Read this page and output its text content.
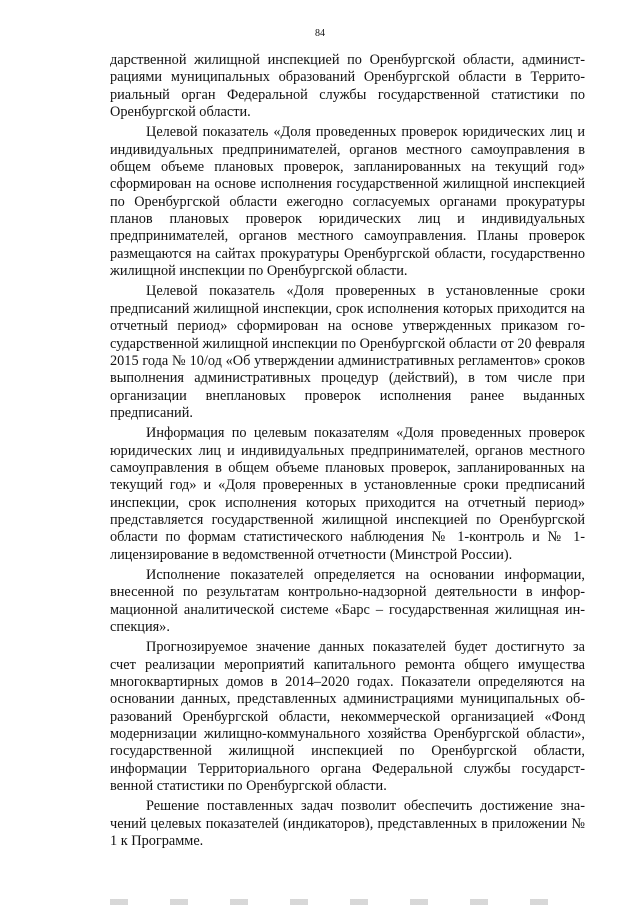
84

дарственной жилищной инспекцией по Оренбургской области, администрациями муниципальных образований Оренбургской области в Территориальный орган Федеральной службы государственной статистики по Оренбургской области.

Целевой показатель «Доля проведенных проверок юридических лиц и индивидуальных предпринимателей, органов местного самоуправления в общем объеме плановых проверок, запланированных на текущий год» сформирован на основе исполнения государственной жилищной инспекцией по Оренбургской области ежегодно согласуемых органами прокуратуры планов плановых проверок юридических лиц и индивидуальных предпринимателей, органов местного самоуправления. Планы проверок размещаются на сайтах прокуратуры Оренбургской области, государственно жилищной инспекции по Оренбургской области.

Целевой показатель «Доля проверенных в установленные сроки предписаний жилищной инспекции, срок исполнения которых приходится на отчетный период» сформирован на основе утвержденных приказом государственной жилищной инспекции по Оренбургской области от 20 февраля 2015 года № 10/од «Об утверждении административных регламентов» сроков выполнения административных процедур (действий), в том числе при организации внеплановых проверок исполнения ранее выданных предписаний.

Информация по целевым показателям «Доля проведенных проверок юридических лиц и индивидуальных предпринимателей, органов местного самоуправления в общем объеме плановых проверок, запланированных на текущий год» и «Доля проверенных в установленные сроки предписаний инспекции, срок исполнения которых приходится на отчетный период» представляется государственной жилищной инспекцией по Оренбургской области по формам статистического наблюдения № 1-контроль и № 1-лицензирование в ведомственной отчетности (Минстрой России).

Исполнение показателей определяется на основании информации, внесенной по результатам контрольно-надзорной деятельности в информационной аналитической системе «Барс – государственная жилищная инспекция».

Прогнозируемое значение данных показателей будет достигнуто за счет реализации мероприятий капитального ремонта общего имущества многоквартирных домов в 2014–2020 годах. Показатели определяются на основании данных, представленных администрациями муниципальных образований Оренбургской области, некоммерческой организацией «Фонд модернизации жилищно-коммунального хозяйства Оренбургской области», государственной жилищной инспекцией по Оренбургской области, информации Территориального органа Федеральной службы государственной статистики по Оренбургской области.

Решение поставленных задач позволит обеспечить достижение значений целевых показателей (индикаторов), представленных в приложении № 1 к Программе.
